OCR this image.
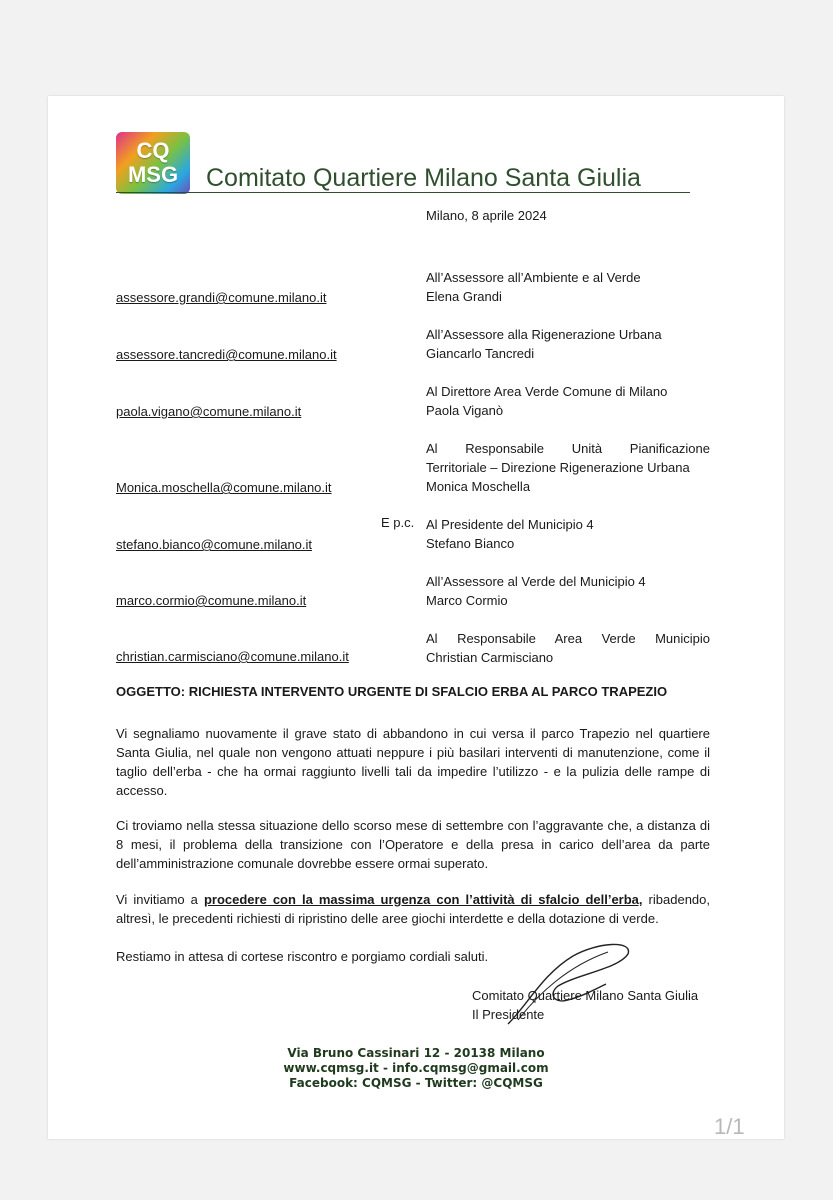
CQ
MSG	Comitato Quartiere Milano Santa Giulia
Milano, 8 aprile 2024
All’Assessore all’Ambiente e al Verde
Elena Grandi
assessore.grandi@comune.milano.it
All’Assessore alla Rigenerazione Urbana
Giancarlo Tancredi
assessore.tancredi@comune.milano.it
Al Direttore Area Verde Comune di Milano
Paola Viganò
paola.vigano@comune.milano.it
Al Responsabile Unità Pianificazione
Territoriale – Direzione Rigenerazione Urbana
Monica Moschella
Monica.moschella@comune.milano.it
E p.c. Al Presidente del Municipio 4
Stefano Bianco
stefano.bianco@comune.milano.it
All’Assessore al Verde del Municipio 4
Marco Cormio
marco.cormio@comune.milano.it
Al Responsabile Area Verde Municipio
Christian Carmisciano
christian.carmisciano@comune.milano.it
OGGETTO: RICHIESTA INTERVENTO URGENTE DI SFALCIO ERBA AL PARCO TRAPEZIO
Vi segnaliamo nuovamente il grave stato di abbandono in cui versa il parco Trapezio nel quartiere Santa Giulia, nel quale non vengono attuati neppure i più basilari interventi di manutenzione, come il taglio dell’erba - che ha ormai raggiunto livelli tali da impedire l’utilizzo - e la pulizia delle rampe di accesso.
Ci troviamo nella stessa situazione dello scorso mese di settembre con l’aggravante che, a distanza di 8 mesi, il problema della transizione con l’Operatore e della presa in carico dell’area da parte dell’amministrazione comunale dovrebbe essere ormai superato.
Vi invitiamo a procedere con la massima urgenza con l’attività di sfalcio dell’erba, ribadendo, altresì, le precedenti richiesti di ripristino delle aree giochi interdette e della dotazione di verde.
Restiamo in attesa di cortese riscontro e porgiamo cordiali saluti.
Comitato Quartiere Milano Santa Giulia
Il Presidente
Via Bruno Cassinari 12 - 20138 Milano
www.cqmsg.it - info.cqmsg@gmail.com
Facebook: CQMSG - Twitter: @CQMSG
1/1
